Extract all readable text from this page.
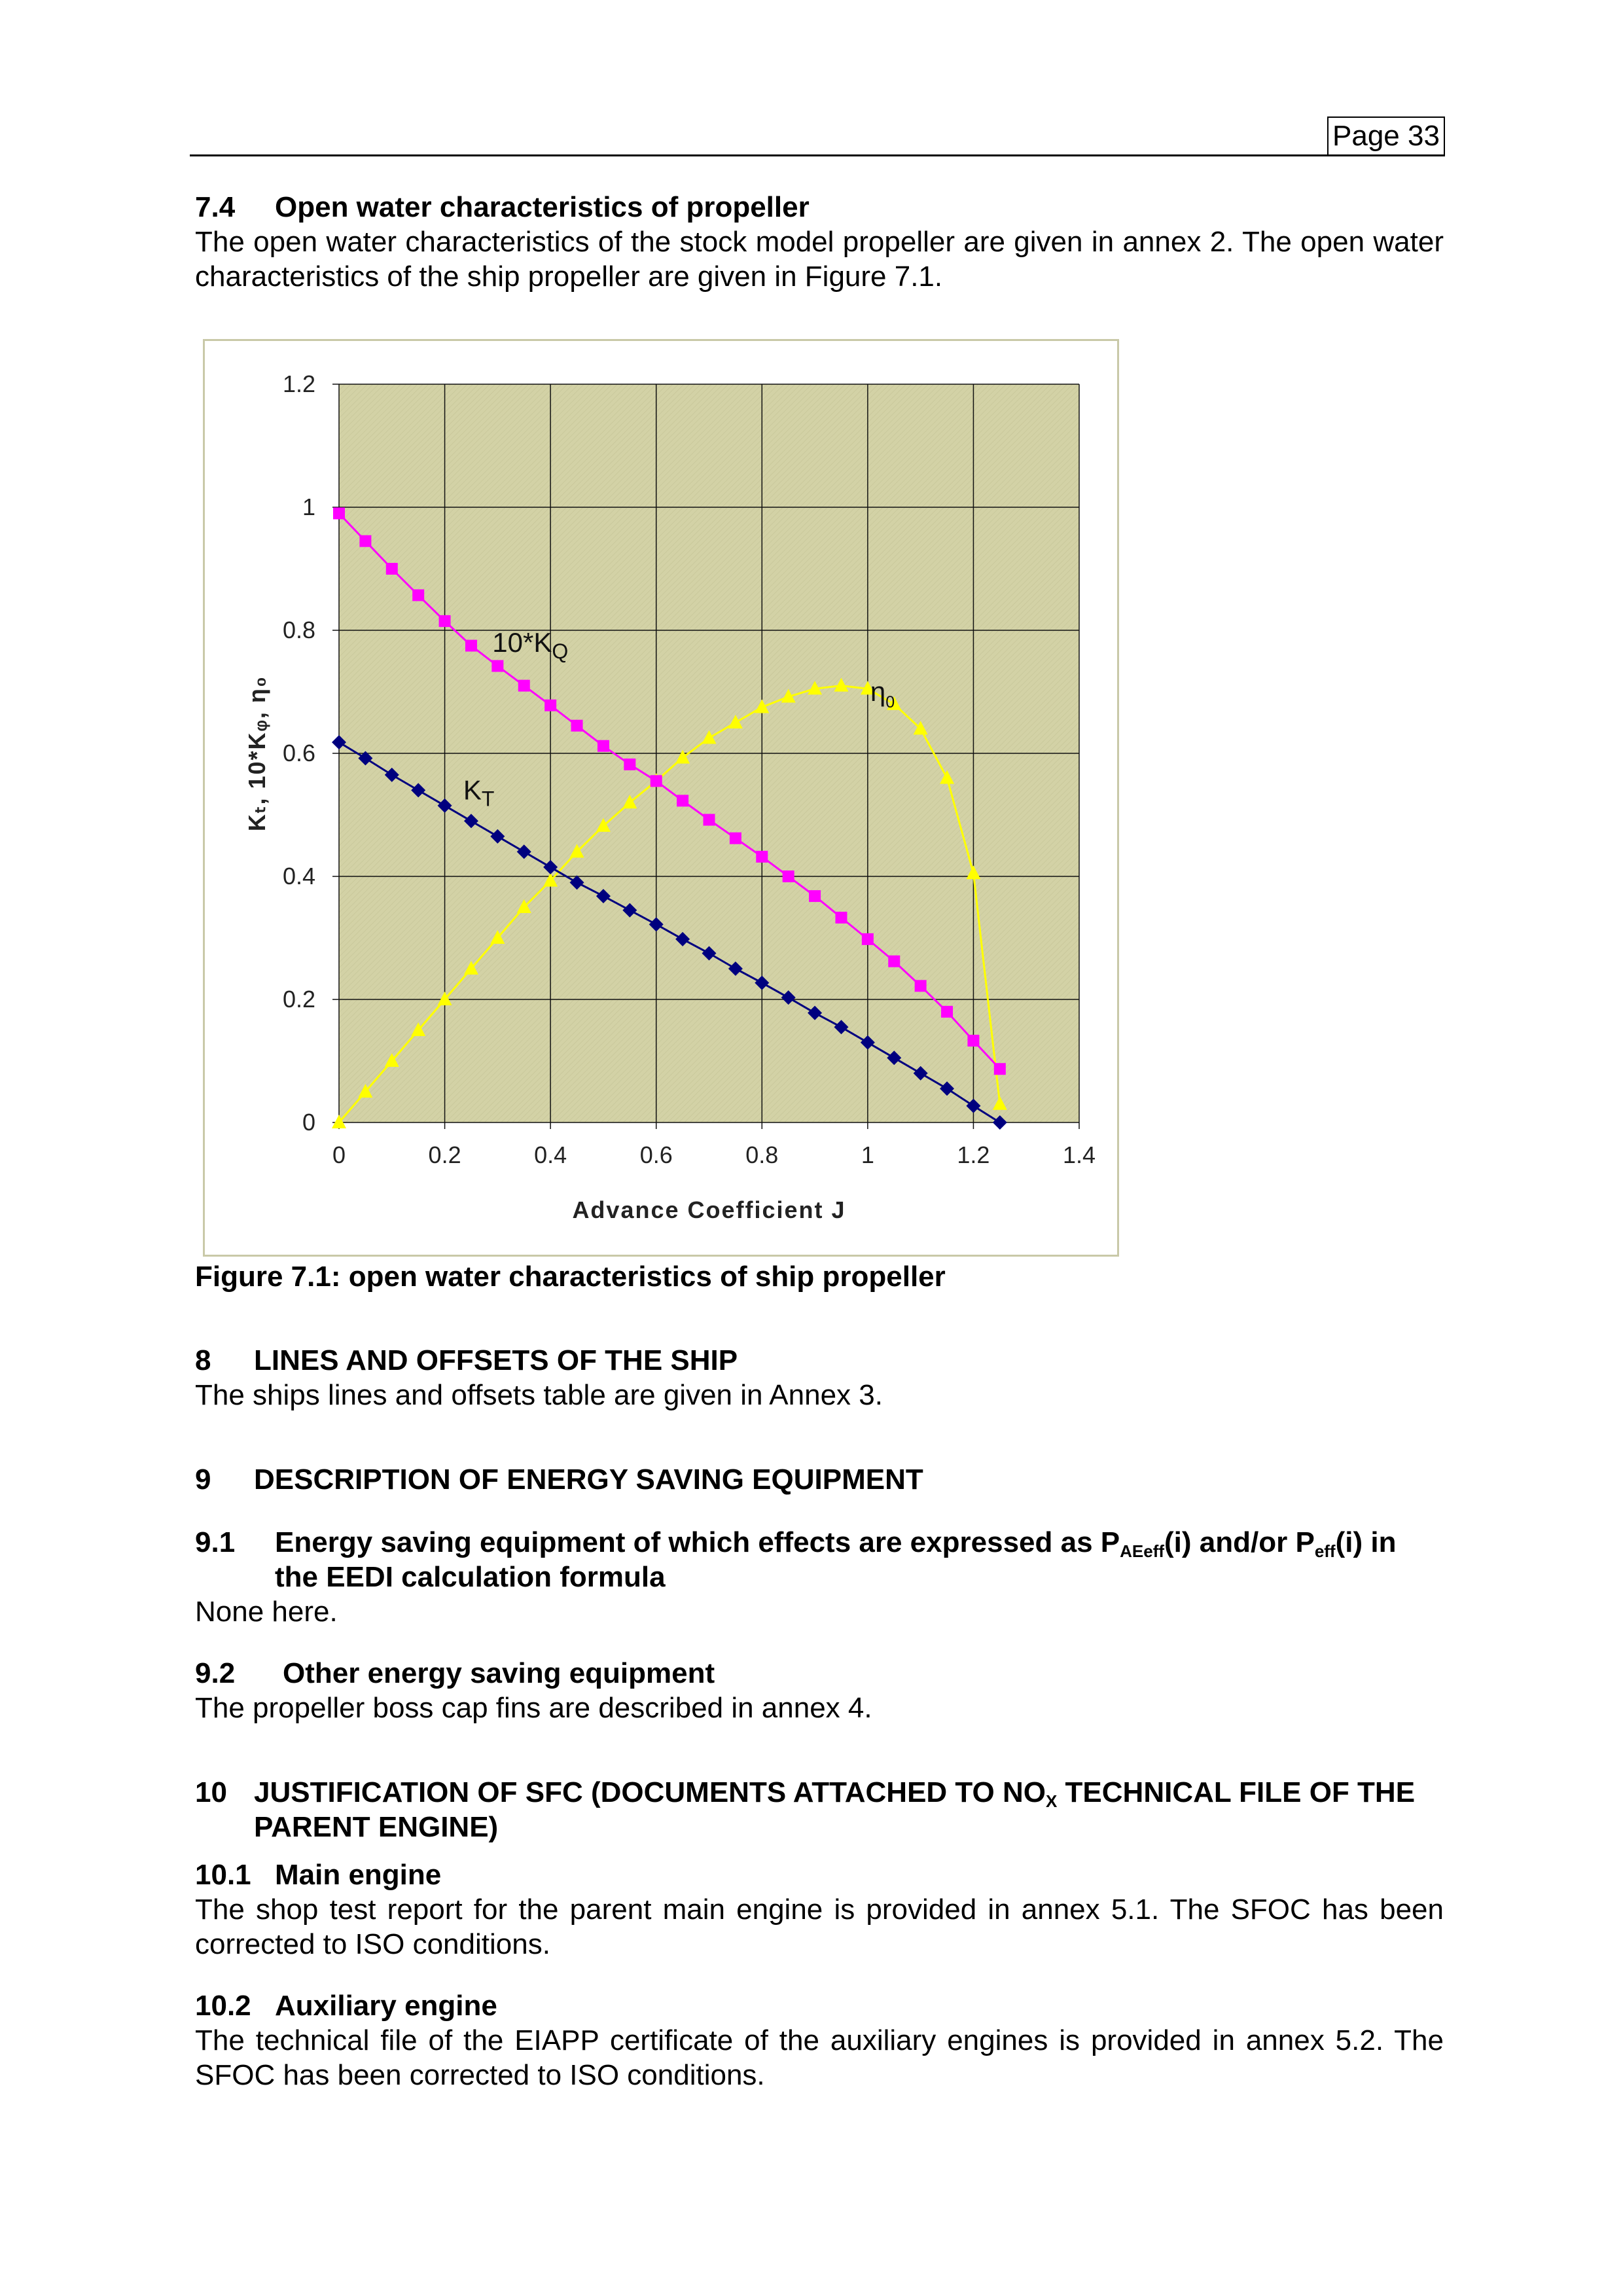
Page 33
7.4 Open water characteristics of propeller
The open water characteristics of the stock model propeller are given in annex 2. The open water characteristics of the ship propeller are given in Figure 7.1.
0	0.2	0.4	0.6	0.8	1	1.2	1.4
0
0.2
0.4
0.6
0.8
1
1.2
$10*K_Q$
$K_T$
$\eta_0$
Advance Coefficient J
Kₜ, 10*Kᵩ, η₀
Figure 7.1: open water characteristics of ship propeller
8 LINES AND OFFSETS OF THE SHIP
The ships lines and offsets table are given in Annex 3.
9 DESCRIPTION OF ENERGY SAVING EQUIPMENT
9.1	Energy saving equipment of which effects are expressed as $P_{AEeff}(i)$ and/or $P_{eff}(i)$ in the EEDI calculation formula
None here.
9.2 Other energy saving equipment
The propeller boss cap fins are described in annex 4.
10 JUSTIFICATION OF SFC (DOCUMENTS ATTACHED TO $NO_X$ TECHNICAL FILE OF THE PARENT ENGINE)
10.1 Main engine
The shop test report for the parent main engine is provided in annex 5.1. The SFOC has been corrected to ISO conditions.
10.2 Auxiliary engine
The technical file of the EIAPP certificate of the auxiliary engines is provided in annex 5.2. The SFOC has been corrected to ISO conditions.
